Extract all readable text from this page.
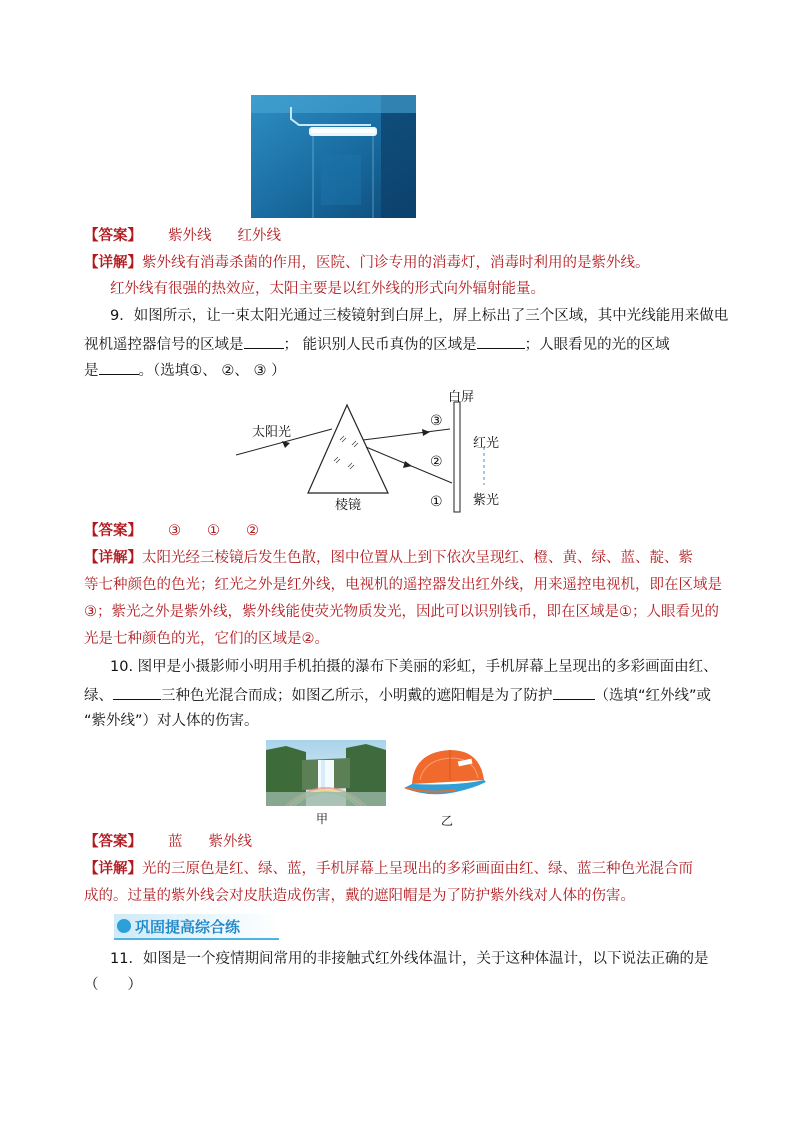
【答案】 紫外线 红外线
【详解】紫外线有消毒杀菌的作用，医院、门诊专用的消毒灯，消毒时利用的是紫外线。
红外线有很强的热效应，太阳主要是以红外线的形式向外辐射能量。
9．如图所示，让一束太阳光通过三棱镜射到白屏上，屏上标出了三个区域，其中光线能用来做电
视机遥控器信号的区域是	； 能识别人民币真伪的区域是	；人眼看见的光的区域
是	。（选填①、 ②、 ③ ）
太阳光
棱镜
白屏
红光
紫光
③
②
①
【答案】 ③ ① ②
【详解】太阳光经三棱镜后发生色散，图中位置从上到下依次呈现红、橙、黄、绿、蓝、靛、紫
等七种颜色的色光；红光之外是红外线，电视机的遥控器发出红外线，用来遥控电视机，即在区域是
③；紫光之外是紫外线，紫外线能使荧光物质发光，因此可以识别钱币，即在区域是①；人眼看见的
光是七种颜色的光，它们的区域是②。
10. 图甲是小摄影师小明用手机拍摄的瀑布下美丽的彩虹，手机屏幕上呈现出的多彩画面由红、
绿、	三种色光混合而成；如图乙所示，小明戴的遮阳帽是为了防护	（选填“红外线”或
“紫外线”）对人体的伤害。
甲	乙
【答案】 蓝 紫外线
【详解】光的三原色是红、绿、蓝，手机屏幕上呈现出的多彩画面由红、绿、蓝三种色光混合而
成的。过量的紫外线会对皮肤造成伤害，戴的遮阳帽是为了防护紫外线对人体的伤害。
巩固提高综合练
11．如图是一个疫情期间常用的非接触式红外线体温计，关于这种体温计，以下说法正确的是
（　　）
